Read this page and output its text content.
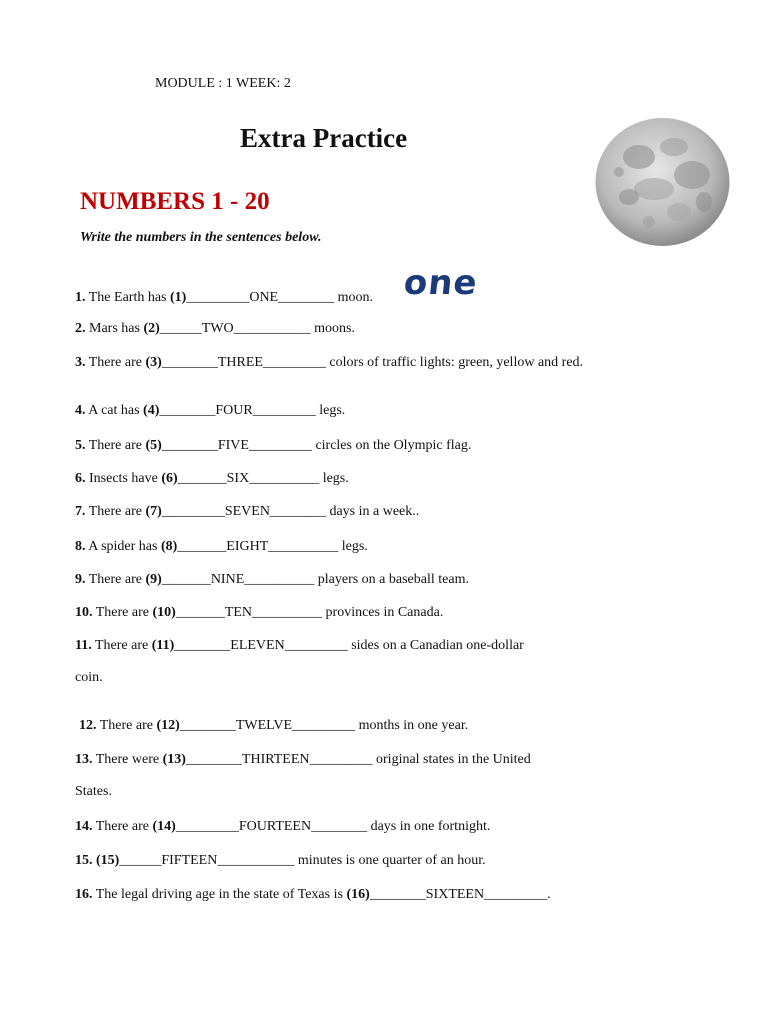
MODULE : 1 WEEK: 2
Extra Practice
NUMBERS 1 - 20
Write the numbers in the sentences below.
one
1. The Earth has (1)_________ONE________ moon.
2. Mars has (2)______TWO___________ moons.
3. There are (3)________THREE_________ colors of traffic lights: green, yellow and red.
4. A cat has (4)________FOUR_________ legs.
5. There are (5)________FIVE_________ circles on the Olympic flag.
6. Insects have (6)_______SIX__________ legs.
7. There are (7)_________SEVEN________ days in a week..
8. A spider has (8)_______EIGHT__________ legs.
9. There are (9)_______NINE__________ players on a baseball team.
10. There are (10)_______TEN__________ provinces in Canada.
11. There are (11)________ELEVEN_________ sides on a Canadian one-dollar
coin.
12. There are (12)________TWELVE_________ months in one year.
13. There were (13)________THIRTEEN_________ original states in the United
States.
14. There are (14)_________FOURTEEN________ days in one fortnight.
15. (15)______FIFTEEN___________ minutes is one quarter of an hour.
16. The legal driving age in the state of Texas is (16)________SIXTEEN_________.
